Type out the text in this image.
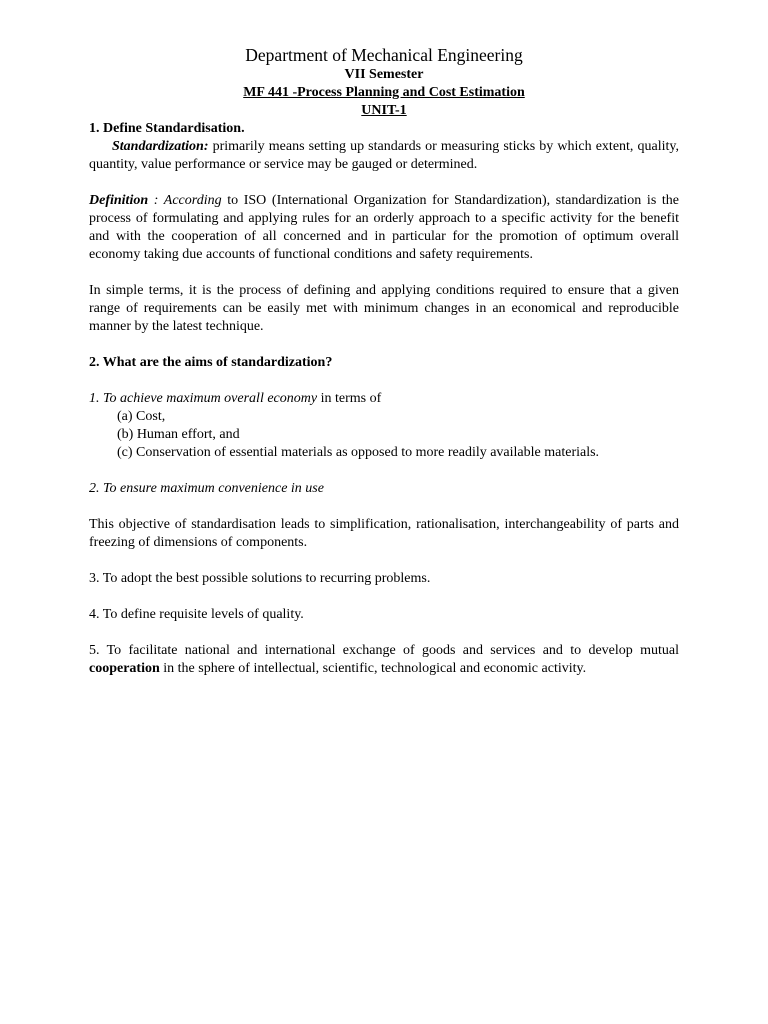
Department of Mechanical Engineering
VII Semester
MF 441 -Process Planning and Cost Estimation
UNIT-1
1. Define Standardisation.

Standardization: primarily means setting up standards or measuring sticks by which extent, quality, quantity, value performance or service may be gauged or determined.

Definition : According to ISO (International Organization for Standardization), standardization is the process of formulating and applying rules for an orderly approach to a specific activity for the benefit and with the cooperation of all concerned and in particular for the promotion of optimum overall economy taking due accounts of functional conditions and safety requirements.

In simple terms, it is the process of defining and applying conditions required to ensure that a given range of requirements can be easily met with minimum changes in an economical and reproducible manner by the latest technique.

2. What are the aims of standardization?

1. To achieve maximum overall economy in terms of

(a) Cost,
(b) Human effort, and
(c) Conservation of essential materials as opposed to more readily available materials.

2. To ensure maximum convenience in use

This objective of standardisation leads to simplification, rationalisation, interchangeability of parts and freezing of dimensions of components.

3. To adopt the best possible solutions to recurring problems.

4. To define requisite levels of quality.

5. To facilitate national and international exchange of goods and services and to develop mutual cooperation in the sphere of intellectual, scientific, technological and economic activity.
